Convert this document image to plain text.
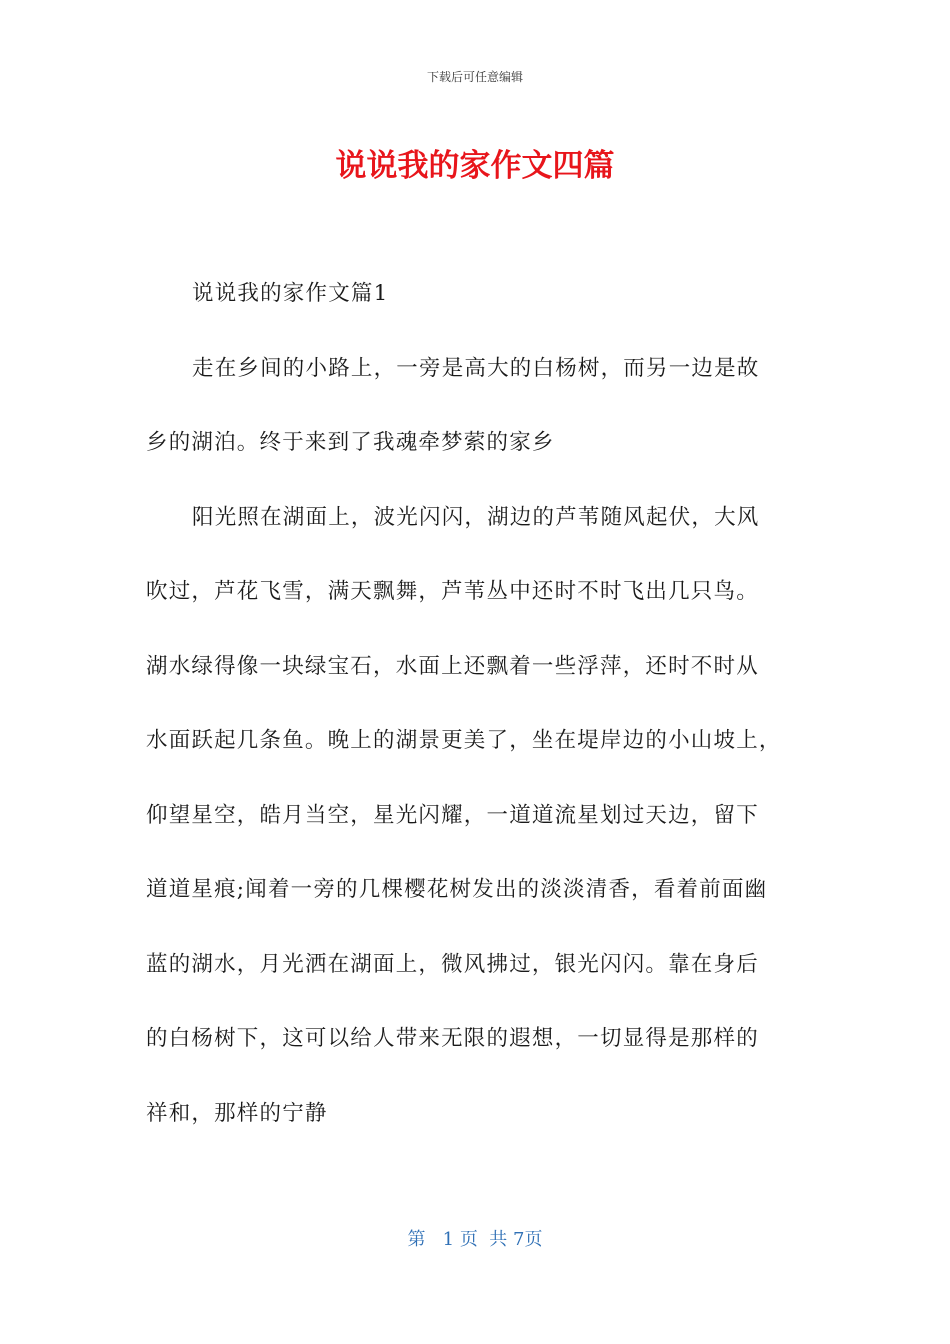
下载后可任意编辑
说说我的家作文四篇
说说我的家作文篇1
走在乡间的小路上，一旁是高大的白杨树，而另一边是故
乡的湖泊。终于来到了我魂牵梦萦的家乡
阳光照在湖面上，波光闪闪，湖边的芦苇随风起伏，大风
吹过，芦花飞雪，满天飘舞，芦苇丛中还时不时飞出几只鸟。
湖水绿得像一块绿宝石，水面上还飘着一些浮萍，还时不时从
水面跃起几条鱼。晚上的湖景更美了，坐在堤岸边的小山坡上，
仰望星空，皓月当空，星光闪耀，一道道流星划过天边，留下
道道星痕;闻着一旁的几棵樱花树发出的淡淡清香，看着前面幽
蓝的湖水，月光洒在湖面上，微风拂过，银光闪闪。靠在身后
的白杨树下，这可以给人带来无限的遐想，一切显得是那样的
祥和，那样的宁静
第   1 页  共 7页
